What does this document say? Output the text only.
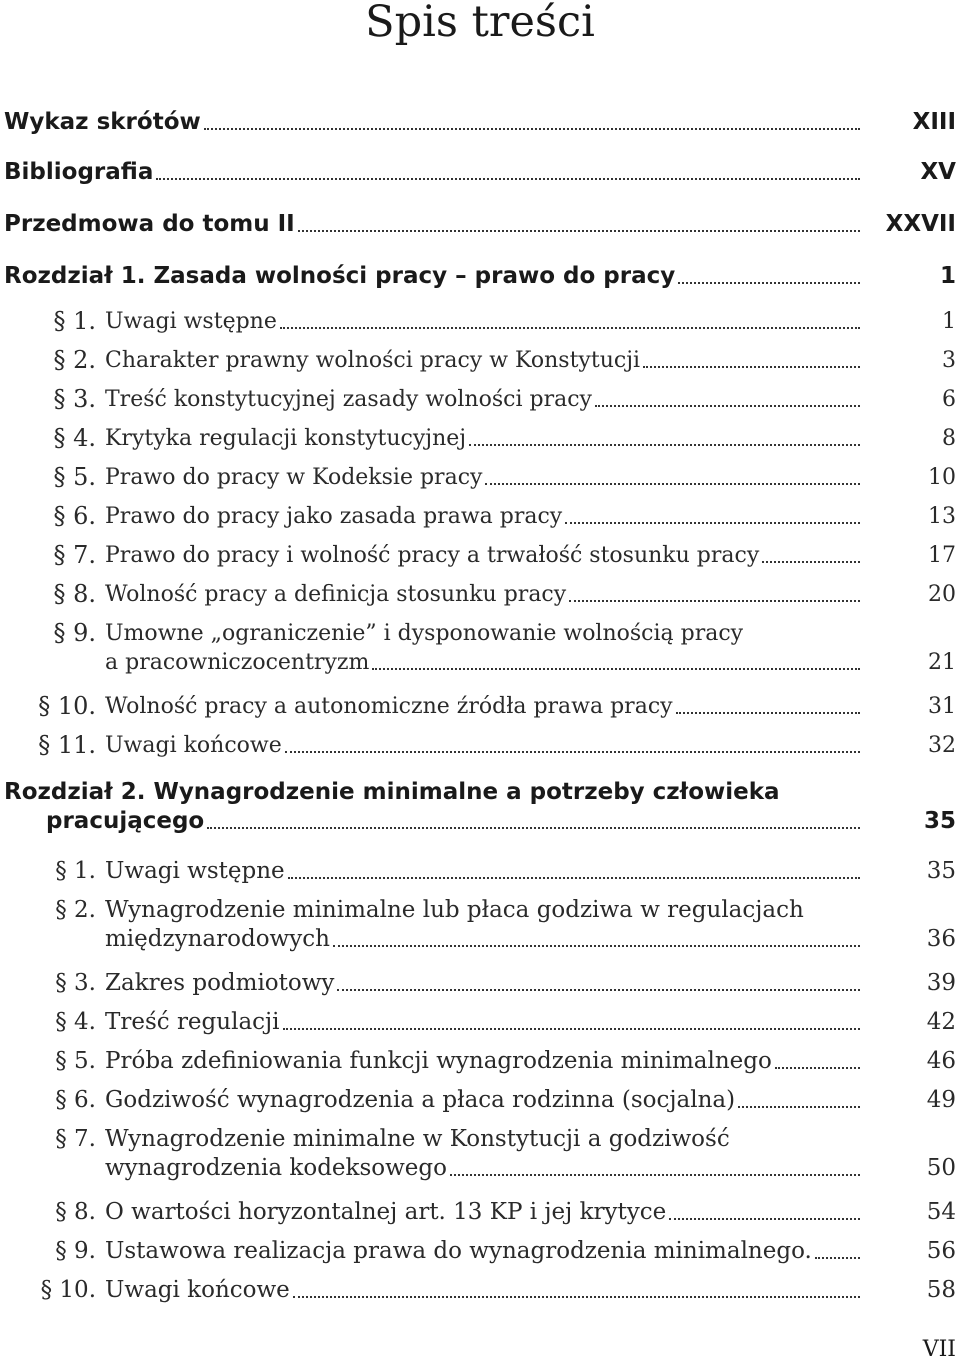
Spis treści
Wykaz skrótów	XIII
Bibliografia	XV
Przedmowa do tomu II	XXVII
Rozdział 1. Zasada wolności pracy – prawo do pracy	1
§ 1. Uwagi wstępne	1
§ 2. Charakter prawny wolności pracy w Konstytucji	3
§ 3. Treść konstytucyjnej zasady wolności pracy	6
§ 4. Krytyka regulacji konstytucyjnej	8
§ 5. Prawo do pracy w Kodeksie pracy	10
§ 6. Prawo do pracy jako zasada prawa pracy	13
§ 7. Prawo do pracy i wolność pracy a trwałość stosunku pracy	17
§ 8. Wolność pracy a definicja stosunku pracy	20
§ 9. Umowne „ograniczenie” i dysponowanie wolnością pracy
a pracowniczocentryzm	21
§ 10. Wolność pracy a autonomiczne źródła prawa pracy	31
§ 11. Uwagi końcowe	32
Rozdział 2. Wynagrodzenie minimalne a potrzeby człowieka
pracującego	35
§ 1. Uwagi wstępne	35
§ 2. Wynagrodzenie minimalne lub płaca godziwa w regulacjach
międzynarodowych	36
§ 3. Zakres podmiotowy	39
§ 4. Treść regulacji	42
§ 5. Próba zdefiniowania funkcji wynagrodzenia minimalnego	46
§ 6. Godziwość wynagrodzenia a płaca rodzinna (socjalna)	49
§ 7. Wynagrodzenie minimalne w Konstytucji a godziwość
wynagrodzenia kodeksowego	50
§ 8. O wartości horyzontalnej art. 13 KP i jej krytyce	54
§ 9. Ustawowa realizacja prawa do wynagrodzenia minimalnego.	56
§ 10. Uwagi końcowe	58
VII
